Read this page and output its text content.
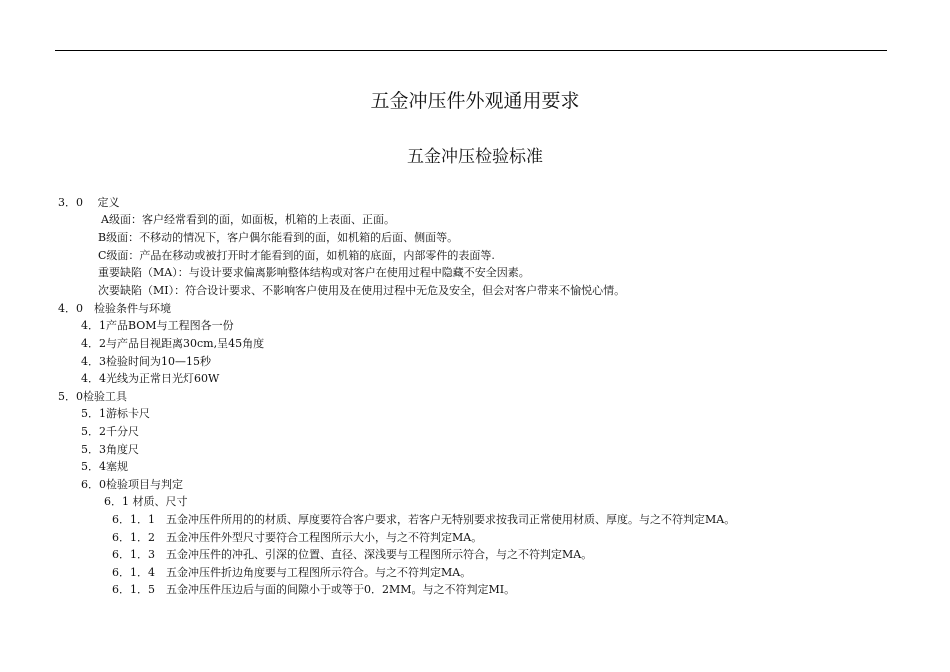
五金冲压件外观通用要求
五金冲压检验标准
3．0　 定义
A级面：客户经常看到的面，如面板，机箱的上表面、正面。
B级面：不移动的情况下，客户偶尔能看到的面，如机箱的后面、侧面等。
C级面：产品在移动或被打开时才能看到的面，如机箱的底面，内部零件的表面等.
重要缺陷（MA）：与设计要求偏离影响整体结构或对客户在使用过程中隐藏不安全因素。
次要缺陷（MI）：符合设计要求、不影响客户使用及在使用过程中无危及安全，但会对客户带来不愉悦心情。
4．0　检验条件与环境
4．1产品BOM与工程图各一份
4．2与产品目视距离30cm,呈45角度
4．3检验时间为10—15秒
4．4光线为正常日光灯60W
5．0检验工具
5．1游标卡尺
5．2千分尺
5．3角度尺
5．4塞规
6．0检验项目与判定
6．1 材质、尺寸
6．1．1　五金冲压件所用的的材质、厚度要符合客户要求，若客户无特别要求按我司正常使用材质、厚度。与之不符判定MA。
6．1．2　五金冲压件外型尺寸要符合工程图所示大小，与之不符判定MA。
6．1．3　五金冲压件的冲孔、引深的位置、直径、深浅要与工程图所示符合，与之不符判定MA。
6．1．4　五金冲压件折边角度要与工程图所示符合。与之不符判定MA。
6．1．5　五金冲压件压边后与面的间隙小于或等于0．2MM。与之不符判定MI。
